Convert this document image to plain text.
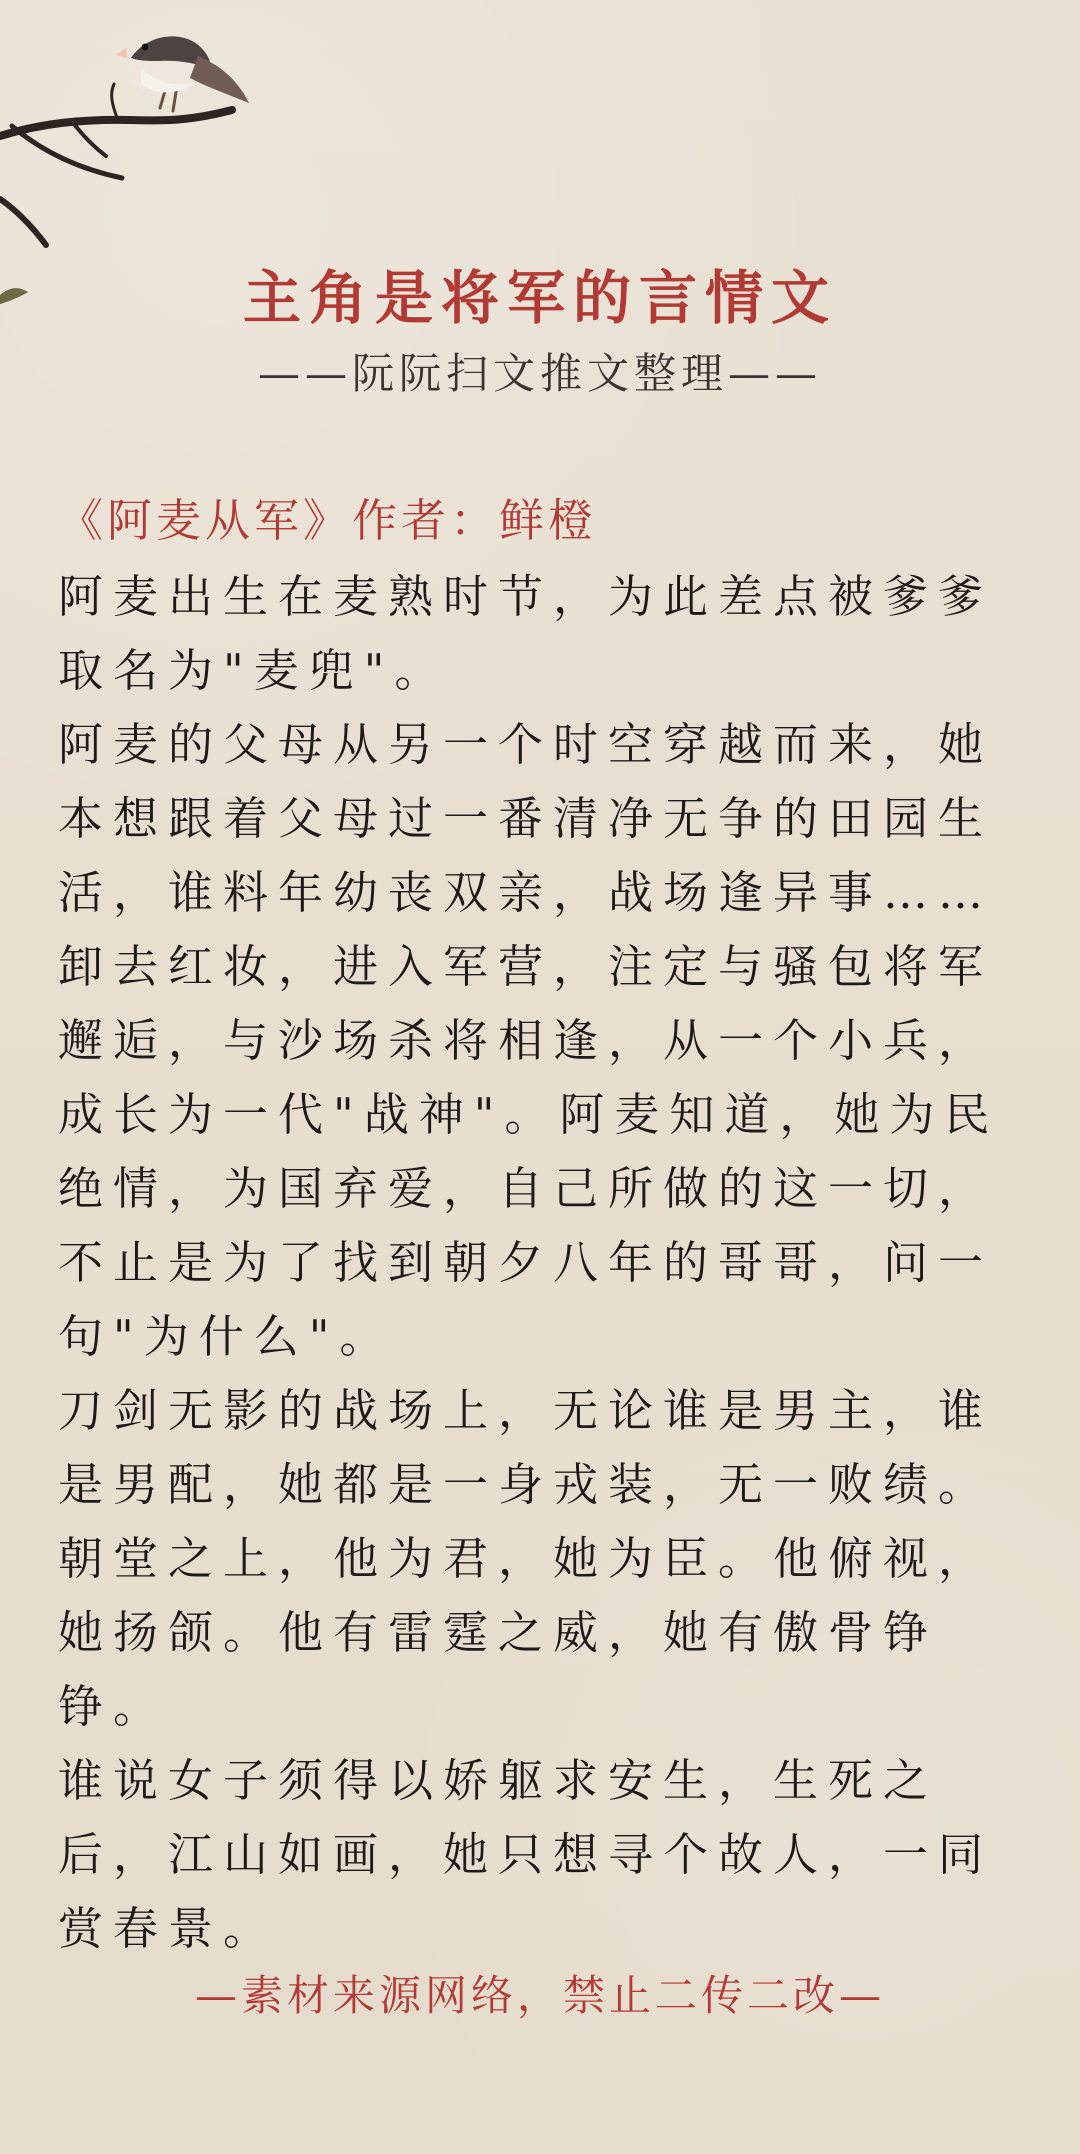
主角是将军的言情文
——阮阮扫文推文整理——
《阿麦从军》作者：鲜橙

阿麦出生在麦熟时节，为此差点被爹爹

取名为"麦兜"。

阿麦的父母从另一个时空穿越而来，她

本想跟着父母过一番清净无争的田园生

活，谁料年幼丧双亲，战场逢异事……

卸去红妆，进入军营，注定与骚包将军

邂逅，与沙场杀将相逢，从一个小兵，

成长为一代"战神"。阿麦知道，她为民

绝情，为国弃爱，自己所做的这一切，

不止是为了找到朝夕八年的哥哥，问一

句"为什么"。

刀剑无影的战场上，无论谁是男主，谁

是男配，她都是一身戎装，无一败绩。

朝堂之上，他为君，她为臣。他俯视，

她扬颌。他有雷霆之威，她有傲骨铮

铮。

谁说女子须得以娇躯求安生，生死之

后，江山如画，她只想寻个故人，一同

赏春景。

—素材来源网络，禁止二传二改—
